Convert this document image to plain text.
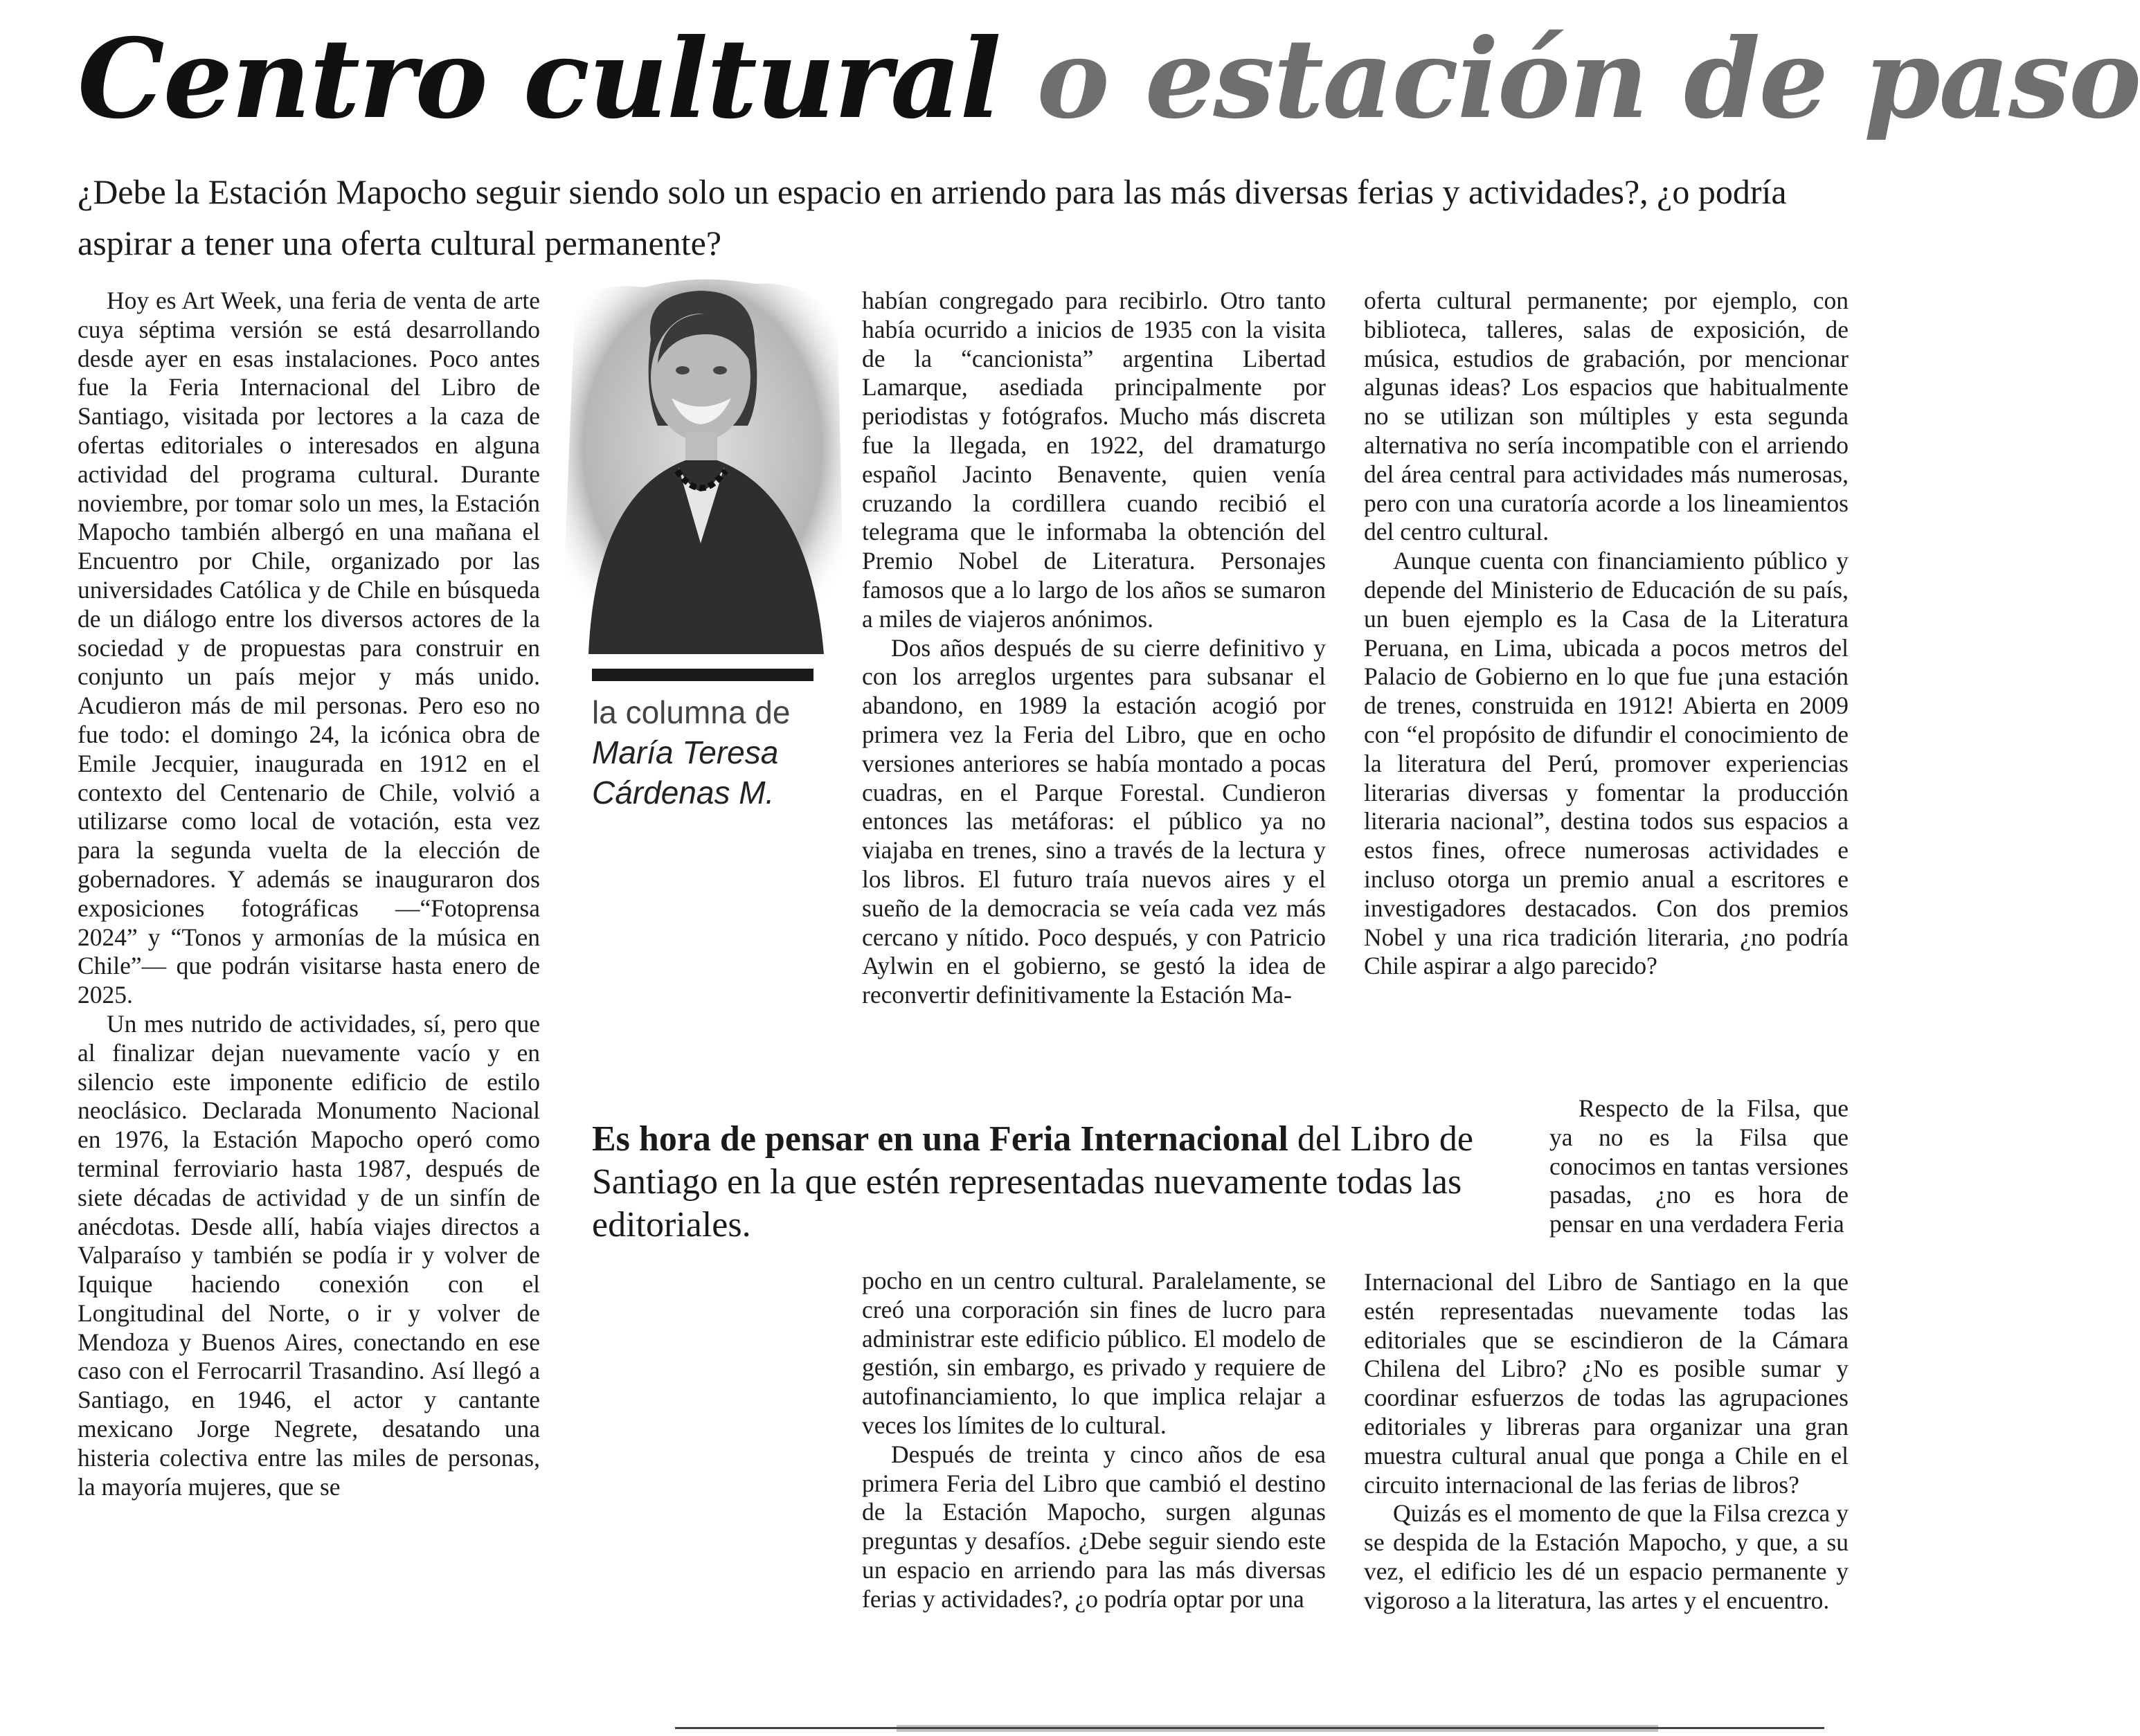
Centro cultural o estación de paso
¿Debe la Estación Mapocho seguir siendo solo un espacio en arriendo para las más diversas ferias y actividades?, ¿o podría aspirar a tener una oferta cultural permanente?

Hoy es Art Week, una feria de venta de arte cuya séptima versión se está desarrollando desde ayer en esas instalaciones. Poco antes fue la Feria Internacional del Libro de Santiago, visitada por lectores a la caza de ofertas editoriales o interesados en alguna actividad del programa cultural. Durante noviembre, por tomar solo un mes, la Estación Mapocho también albergó en una mañana el Encuentro por Chile, organizado por las universidades Católica y de Chile en búsqueda de un diálogo entre los diversos actores de la sociedad y de propuestas para construir en conjunto un país mejor y más unido. Acudieron más de mil personas. Pero eso no fue todo: el domingo 24, la icónica obra de Emile Jecquier, inaugurada en 1912 en el contexto del Centenario de Chile, volvió a utilizarse como local de votación, esta vez para la segunda vuelta de la elección de gobernadores. Y además se inauguraron dos exposiciones fotográficas —“Fotoprensa 2024” y “Tonos y armonías de la música en Chile”— que podrán visitarse hasta enero de 2025.

Un mes nutrido de actividades, sí, pero que al finalizar dejan nuevamente vacío y en silencio este imponente edificio de estilo neoclásico. Declarada Monumento Nacional en 1976, la Estación Mapocho operó como terminal ferroviario hasta 1987, después de siete décadas de actividad y de un sinfín de anécdotas. Desde allí, había viajes directos a Valparaíso y también se podía ir y volver de Iquique haciendo conexión con el Longitudinal del Norte, o ir y volver de Mendoza y Buenos Aires, conectando en ese caso con el Ferrocarril Trasandino. Así llegó a Santiago, en 1946, el actor y cantante mexicano Jorge Negrete, desatando una histeria colectiva entre las miles de personas, la mayoría mujeres, que se

la columna de
María Teresa
Cárdenas M.

habían congregado para recibirlo. Otro tanto había ocurrido a inicios de 1935 con la visita de la “cancionista” argentina Libertad Lamarque, asediada principalmente por periodistas y fotógrafos. Mucho más discreta fue la llegada, en 1922, del dramaturgo español Jacinto Benavente, quien venía cruzando la cordillera cuando recibió el telegrama que le informaba la obtención del Premio Nobel de Literatura. Personajes famosos que a lo largo de los años se sumaron a miles de viajeros anónimos.

Dos años después de su cierre definitivo y con los arreglos urgentes para subsanar el abandono, en 1989 la estación acogió por primera vez la Feria del Libro, que en ocho versiones anteriores se había montado a pocas cuadras, en el Parque Forestal. Cundieron entonces las metáforas: el público ya no viajaba en trenes, sino a través de la lectura y los libros. El futuro traía nuevos aires y el sueño de la democracia se veía cada vez más cercano y nítido. Poco después, y con Patricio Aylwin en el gobierno, se gestó la idea de reconvertir definitivamente la Estación Ma-

oferta cultural permanente; por ejemplo, con biblioteca, talleres, salas de exposición, de música, estudios de grabación, por mencionar algunas ideas? Los espacios que habitualmente no se utilizan son múltiples y esta segunda alternativa no sería incompatible con el arriendo del área central para actividades más numerosas, pero con una curatoría acorde a los lineamientos del centro cultural.

Aunque cuenta con financiamiento público y depende del Ministerio de Educación de su país, un buen ejemplo es la Casa de la Literatura Peruana, en Lima, ubicada a pocos metros del Palacio de Gobierno en lo que fue ¡una estación de trenes, construida en 1912! Abierta en 2009 con “el propósito de difundir el conocimiento de la literatura del Perú, promover experiencias literarias diversas y fomentar la producción literaria nacional”, destina todos sus espacios a estos fines, ofrece numerosas actividades e incluso otorga un premio anual a escritores e investigadores destacados. Con dos premios Nobel y una rica tradición literaria, ¿no podría Chile aspirar a algo parecido?

Es hora de pensar en una Feria Internacional del Libro de Santiago en la que estén representadas nuevamente todas las editoriales.

Respecto de la Filsa, que ya no es la Filsa que conocimos en tantas versiones pasadas, ¿no es hora de pensar en una verdadera Feria

pocho en un centro cultural. Paralelamente, se creó una corporación sin fines de lucro para administrar este edificio público. El modelo de gestión, sin embargo, es privado y requiere de autofinanciamiento, lo que implica relajar a veces los límites de lo cultural.

Después de treinta y cinco años de esa primera Feria del Libro que cambió el destino de la Estación Mapocho, surgen algunas preguntas y desafíos. ¿Debe seguir siendo este un espacio en arriendo para las más diversas ferias y actividades?, ¿o podría optar por una

Internacional del Libro de Santiago en la que estén representadas nuevamente todas las editoriales que se escindieron de la Cámara Chilena del Libro? ¿No es posible sumar y coordinar esfuerzos de todas las agrupaciones editoriales y libreras para organizar una gran muestra cultural anual que ponga a Chile en el circuito internacional de las ferias de libros?

Quizás es el momento de que la Filsa crezca y se despida de la Estación Mapocho, y que, a su vez, el edificio les dé un espacio permanente y vigoroso a la literatura, las artes y el encuentro.
